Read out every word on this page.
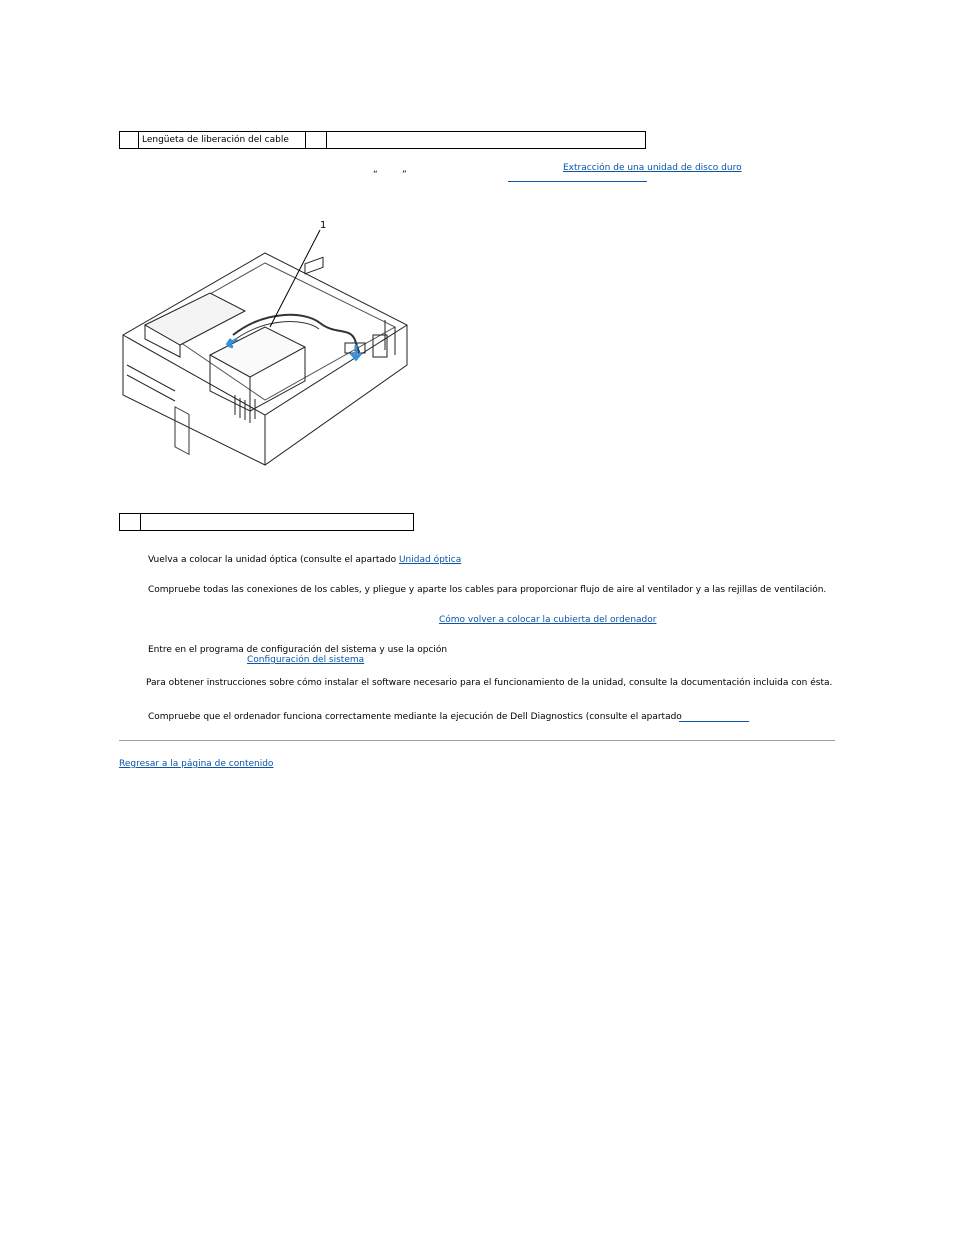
	Lengüeta de liberación del cable		
“	”
Extracción de una unidad de disco duro
1

Vuelva a colocar la unidad óptica (consulte el apartado Unidad óptica
Compruebe todas las conexiones de los cables, y pliegue y aparte los cables para proporcionar flujo de aire al ventilador y a las rejillas de ventilación.
Cómo volver a colocar la cubierta del ordenador
Entre en el programa de configuración del sistema y use la opción
Configuración del sistema
Para obtener instrucciones sobre cómo instalar el software necesario para el funcionamiento de la unidad, consulte la documentación incluida con ésta.
Compruebe que el ordenador funciona correctamente mediante la ejecución de Dell Diagnostics (consulte el apartado
Regresar a la página de contenido
